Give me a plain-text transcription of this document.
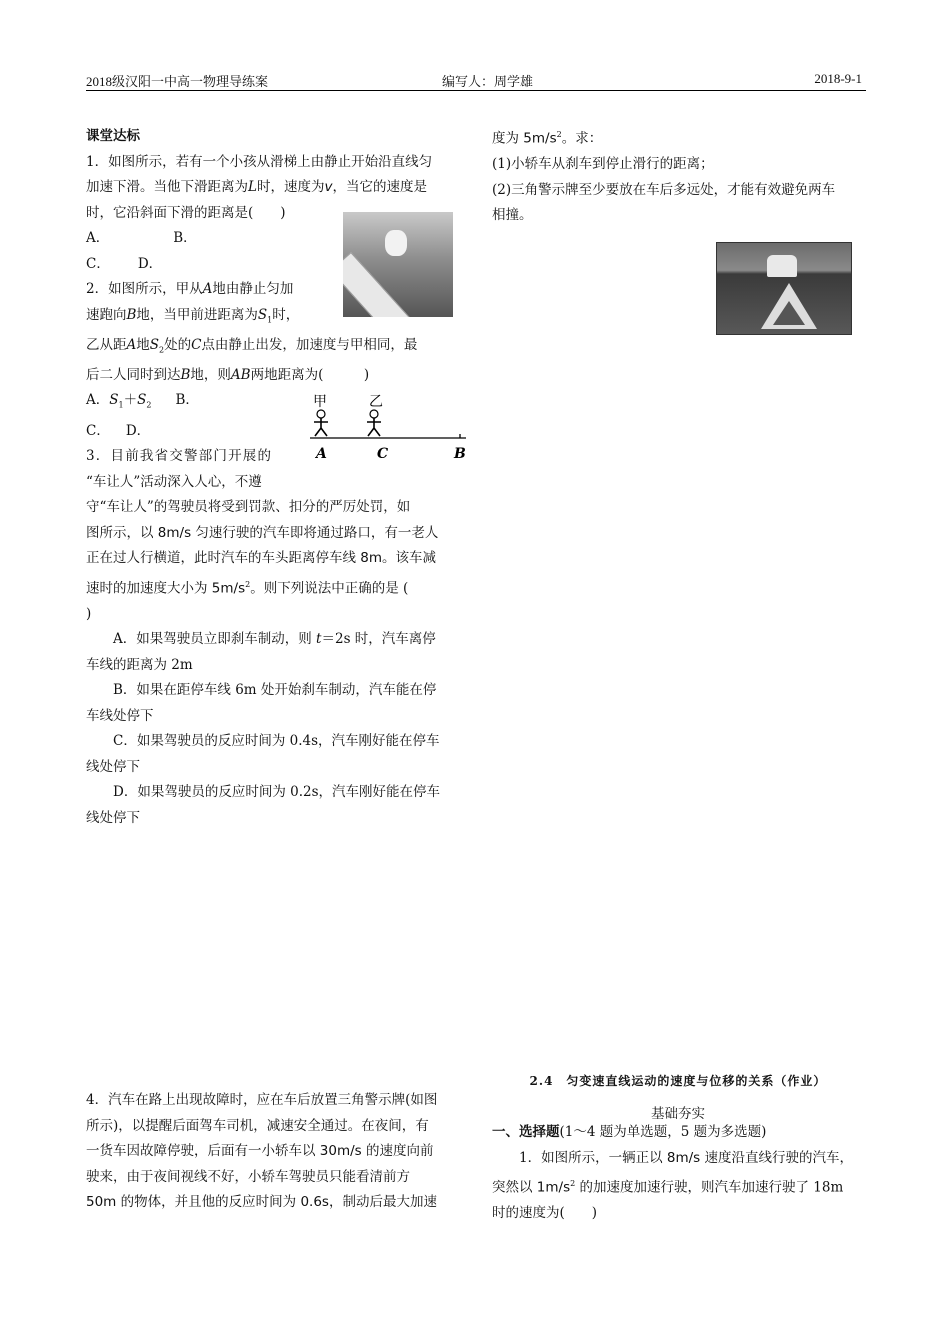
2018级汉阳一中高一物理导练案	编写人：周学雄	2018-9-1

课堂达标

1．如图所示，若有一个小孩从滑梯上由静止开始沿直线匀

加速下滑。当他下滑距离为L时，速度为v，当它的速度是

时，它沿斜面下滑的距离是(　　)

A．	B．

C． D．

2．如图所示，甲从A地由静止匀加

速跑向B地，当甲前进距离为$S_1$时，

乙从距A地$S_2$处的C点由静止出发，加速度与甲相同，最

后二人同时到达B地，则AB两地距离为(　　　)

A．$S_1+S_2$ B．

C． D．

3．目前我省交警部门开展的

“车让人”活动深入人心，不遵

守“车让人”的驾驶员将受到罚款、扣分的严厉处罚，如

图所示，以 8m/s 匀速行驶的汽车即将通过路口，有一老人

正在过人行横道，此时汽车的车头距离停车线 8m。该车减

速时的加速度大小为 $5m/s^2$。则下列说法中正确的是 (

)

A．如果驾驶员立即刹车制动，则 t＝2s 时，汽车离停

车线的距离为 2m

B．如果在距停车线 6m 处开始刹车制动，汽车能在停

车线处停下

C．如果驾驶员的反应时间为 0.4s，汽车刚好能在停车

线处停下

D．如果驾驶员的反应时间为 0.2s，汽车刚好能在停车

线处停下

甲	乙
A	C	B

4．汽车在路上出现故障时，应在车后放置三角警示牌(如图

所示)，以提醒后面驾车司机，减速安全通过。在夜间，有

一货车因故障停驶，后面有一小轿车以 30m/s 的速度向前

驶来，由于夜间视线不好，小轿车驾驶员只能看清前方

50m 的物体，并且他的反应时间为 0.6s，制动后最大加速

度为 $5m/s^2$。求：

(1)小轿车从刹车到停止滑行的距离；

(2)三角警示牌至少要放在车后多远处，才能有效避免两车

相撞。

2.4　匀变速直线运动的速度与位移的关系（作业）
基础夯实

一、选择题(1～4 题为单选题，5 题为多选题)

1．如图所示，一辆正以 8m/s 速度沿直线行驶的汽车，

突然以 $1m/s^2$ 的加速度加速行驶，则汽车加速行驶了 18m

时的速度为(　　)
